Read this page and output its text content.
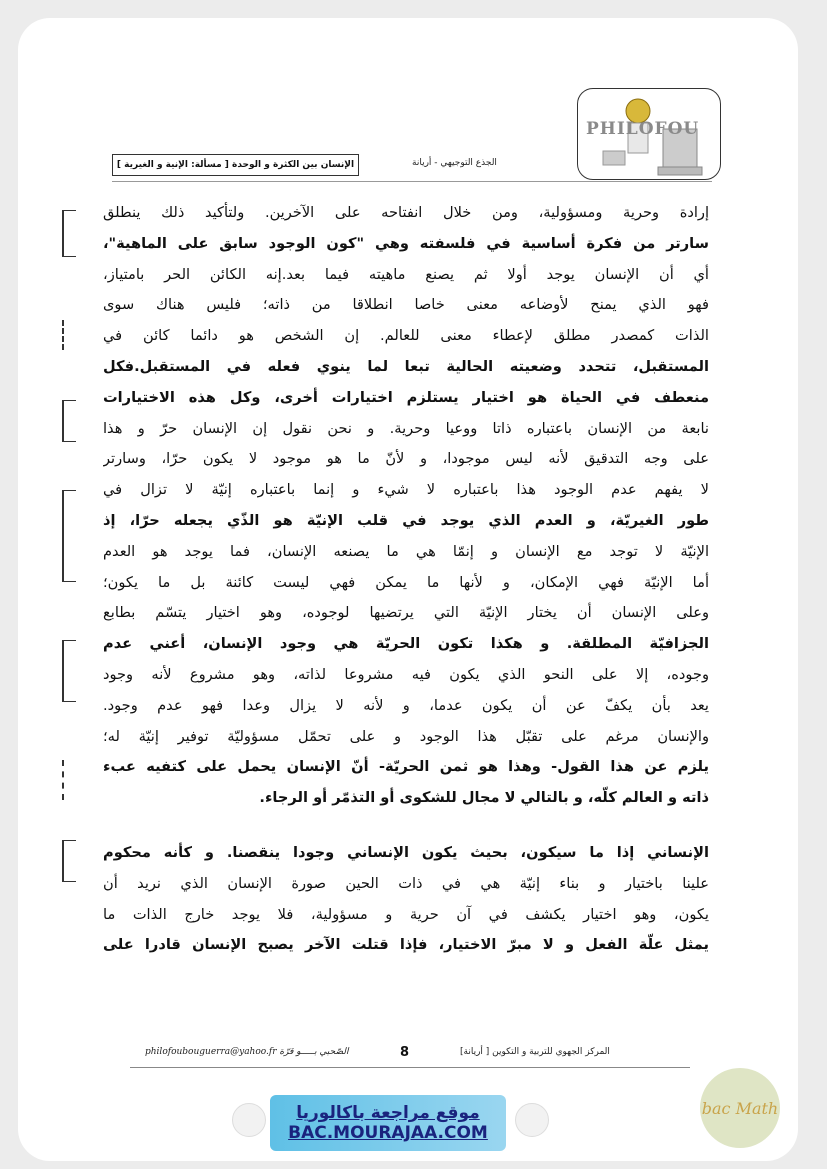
PHILOFOU
الإنسان بين الكثرة و الوحدة [ مسألة: الإنية و الغيرية ]	الجذع التوجيهي - أريانة
إرادة وحرية ومسؤولية، ومن خلال انفتاحه على الآخرين. ولتأكيد ذلك ينطلق
سارتر من فكرة أساسية في فلسفته وهي "كون الوجود سابق على الماهية"،
أي أن الإنسان يوجد أولا ثم يصنع ماهيته فيما بعد.إنه الكائن الحر بامتياز،
فهو الذي يمنح لأوضاعه معنى خاصا انطلاقا من ذاته؛ فليس هناك سوى
الذات كمصدر مطلق لإعطاء معنى للعالم. إن الشخص هو دائما كائن في
المستقبل، تتحدد وضعيته الحالية تبعا لما ينوي فعله في المستقبل.فكل
منعطف في الحياة هو اختيار يستلزم اختيارات أخرى، وكل هذه الاختيارات
نابعة من الإنسان باعتباره ذاتا ووعيا وحرية. و نحن نقول إن الإنسان حرّ و هذا
على وجه التدقيق لأنه ليس موجودا، و لأنّ ما هو موجود لا يكون حرّا، وسارتر
لا يفهم عدم الوجود هذا باعتباره لا شيء و إنما باعتباره إنيّة لا تزال في
طور الغيريّة، و العدم الذي يوجد في قلب الإنيّة هو الذّي يجعله حرّا، إذ
الإنيّة لا توجد مع الإنسان و إنمّا هي ما يصنعه الإنسان، فما يوجد هو العدم
أما الإنيّة فهي الإمكان، و لأنها ما يمكن فهي ليست كائنة بل ما يكون؛
وعلى الإنسان أن يختار الإنيّة التي يرتضيها لوجوده، وهو اختيار يتسّم بطابع
الجزافيّة المطلقة. و هكذا تكون الحريّة هي وجود الإنسان، أعني عدم
وجوده، إلا على النحو الذي يكون فيه مشروعا لذاته، وهو مشروع لأنه وجود
يعد بأن يكفّ عن أن يكون عدما، و لأنه لا يزال وعدا فهو عدم وجود.
والإنسان مرغم على تقبّل هذا الوجود و على تحمّل مسؤوليّة توفير إنيّة له؛
يلزم عن هذا القول- وهذا هو ثمن الحريّة- أنّ الإنسان يحمل على كتفيه عبء
ذاته و العالم كلّه، و بالتالي لا مجال للشكوى أو التذمّر أو الرجاء.
الإنساني إذا ما سيكون، بحيث يكون الإنساني وجودا ينقصنا. و كأنه محكوم
علينا باختيار و بناء إنيّة هي في ذات الحين صورة الإنسان الذي نريد أن
يكون، وهو اختيار يكشف في آن حرية و مسؤولية، فلا يوجد خارج الذات ما
يمثل علّة الفعل و لا مبرّ الاختيار، فإذا قتلت الآخر يصبح الإنسان قادرا على
المركز الجهوي للتربية و التكوين [ أريانة]
8
philofoubouguerra@yahoo.fr الصّحبي بـــــو قرّة
موقع مراجعة باكالوريا
BAC.MOURAJAA.COM
bac Math
